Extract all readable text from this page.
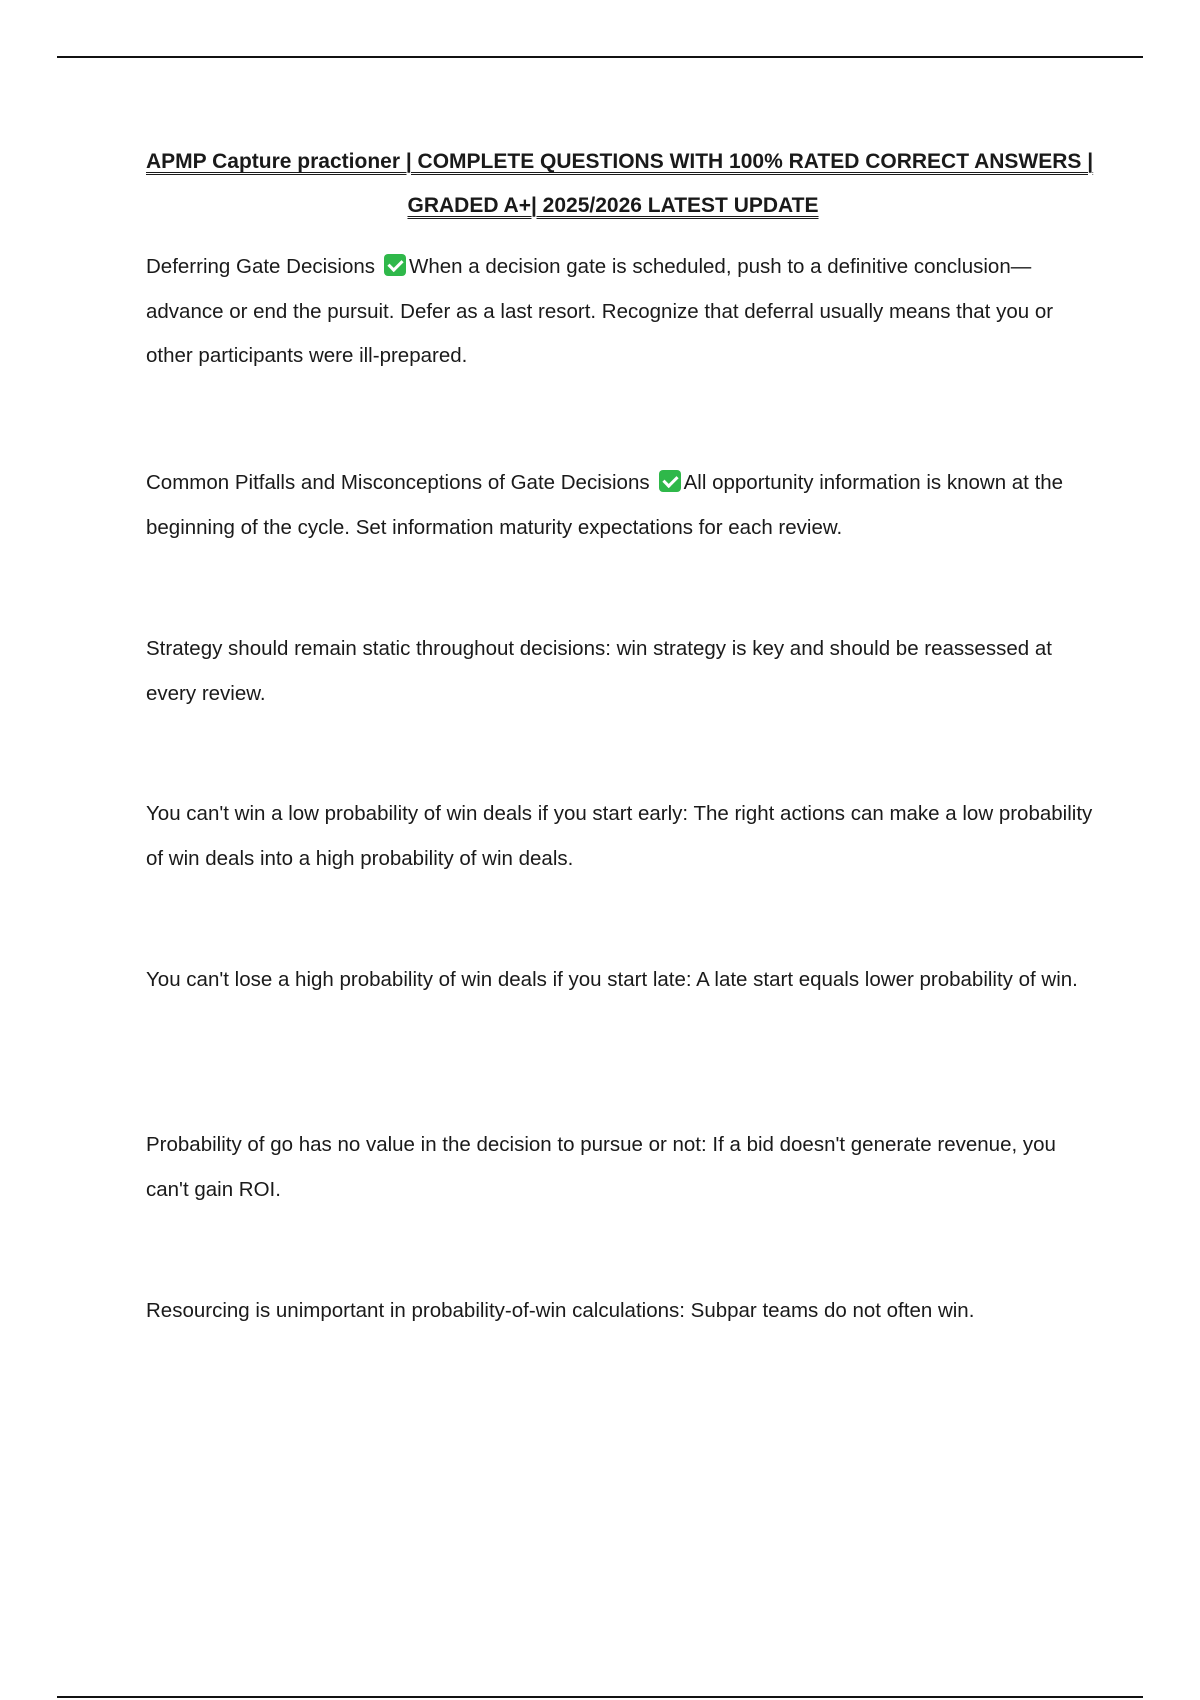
APMP Capture practioner | COMPLETE QUESTIONS WITH 100% RATED CORRECT ANSWERS |
GRADED A+| 2025/2026 LATEST UPDATE

Deferring Gate Decisions When a decision gate is scheduled, push to a definitive conclusion—advance or end the pursuit. Defer as a last resort. Recognize that deferral usually means that you or other participants were ill-prepared.

Common Pitfalls and Misconceptions of Gate Decisions All opportunity information is known at the beginning of the cycle. Set information maturity expectations for each review.

Strategy should remain static throughout decisions: win strategy is key and should be reassessed at every review.

You can't win a low probability of win deals if you start early: The right actions can make a low probability of win deals into a high probability of win deals.

You can't lose a high probability of win deals if you start late: A late start equals lower probability of win.

Probability of go has no value in the decision to pursue or not: If a bid doesn't generate revenue, you can't gain ROI.

Resourcing is unimportant in probability-of-win calculations: Subpar teams do not often win.
